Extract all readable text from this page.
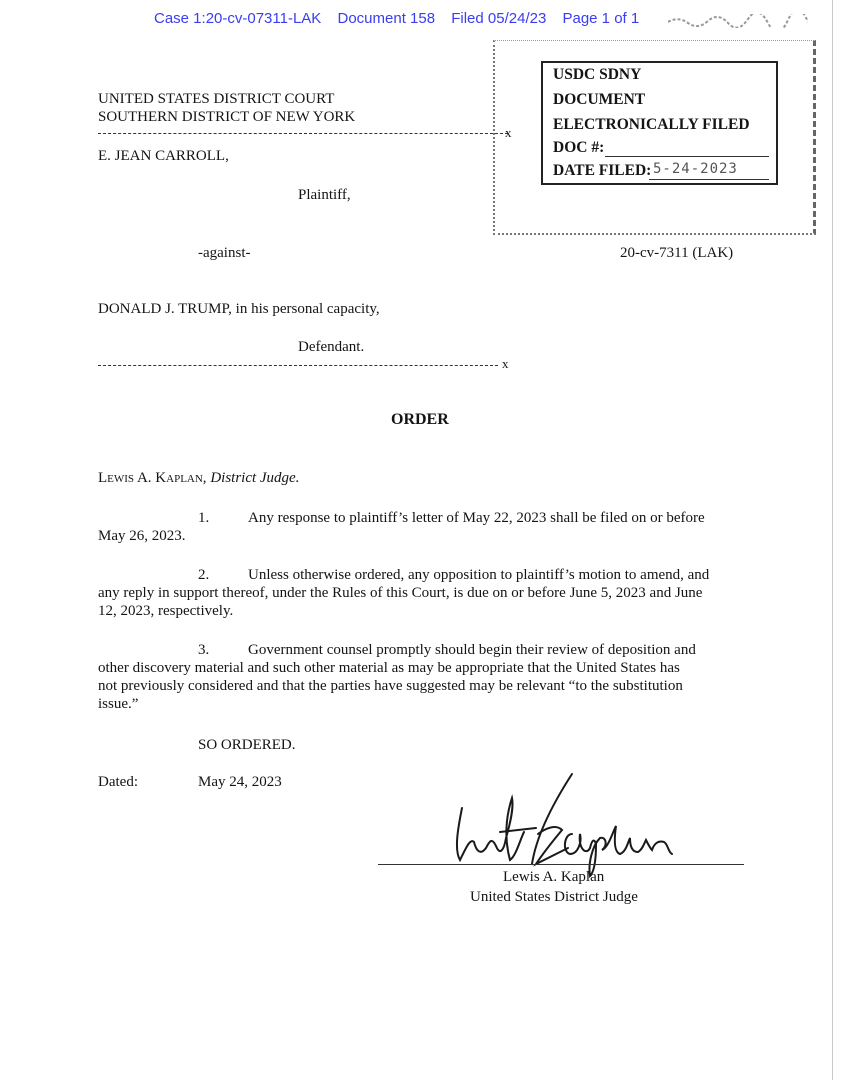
Case 1:20-cv-07311-LAK Document 158 Filed 05/24/23 Page 1 of 1
UNITED STATES DISTRICT COURT
SOUTHERN DISTRICT OF NEW YORK
x
E. JEAN CARROLL,
Plaintiff,
-against-	20-cv-7311 (LAK)
DONALD J. TRUMP, in his personal capacity,
Defendant.
x
USDC SDNY
DOCUMENT
ELECTRONICALLY FILED
DOC #:
DATE FILED: 5-24-2023
ORDER
Lewis A. Kaplan, District Judge.
1.	Any response to plaintiff’s letter of May 22, 2023 shall be filed on or before
May 26, 2023.
2.	Unless otherwise ordered, any opposition to plaintiff’s motion to amend, and
any reply in support thereof, under the Rules of this Court, is due on or before June 5, 2023 and June
12, 2023, respectively.
3.	Government counsel promptly should begin their review of deposition and
other discovery material and such other material as may be appropriate that the United States has
not previously considered and that the parties have suggested may be relevant “to the substitution
issue.”
SO ORDERED.
Dated:	May 24, 2023
Lewis A. Kaplan
United States District Judge
